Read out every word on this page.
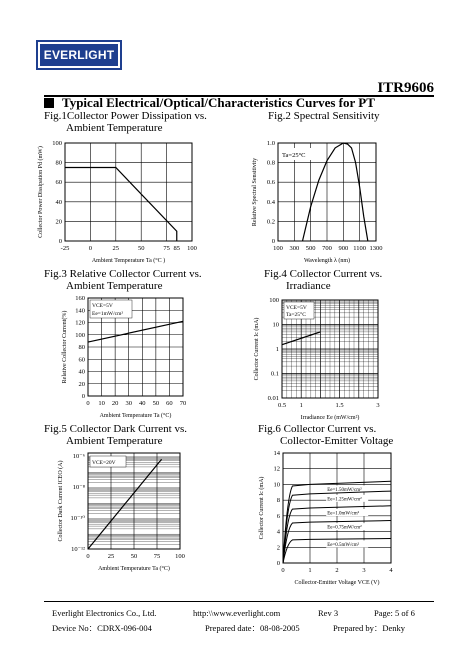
EVERLIGHT
ITR9606
Typical Electrical/Optical/Characteristics Curves for PT
Fig.1Collector Power Dissipation vs.
Ambient Temperature
Fig.2 Spectral Sensitivity
Fig.3 Relative Collector Current vs.
Ambient Temperature
Fig.4 Collector Current vs.
Irradiance
Fig.5 Collector Dark Current vs.
Ambient Temperature
Fig.6 Collector Current vs.
Collector-Emitter Voltage
-25	0	25	50	75 85 100
0
20
40
60
80
100
Ambient Temperature Ta (°C )
Collector Power Dissipation Pd (mW)
100 300 500 700 900 1100 1300
0
0.2
0.4
0.6
0.8
1.0
Wavelength λ (nm)
Relative Spectral Sensitivity
Ta=25°C
0 10 20 30 40 50 60 70
0
20
40
60
80
100
120
140
160
Ambient Temperature Ta (°C)
Relative Collector Current(%)
VCE=5V
Ee=1mW/cm²
0.5 1	1.5	3
0.01
0.1
1
10
100
Irradiance Ee (mW/cm²)
Collector Current Ic (mA)
VCE=5V
Ta=25°C
0	25	50	75 100
10⁻¹²
10⁻¹⁰
10⁻⁸
10⁻⁶
Ambient Temperature Ta (°C)
Collector Dark Current ICEO (A)	VCE=20V
0	1	2	3	4
0
2
4
6
8
10
12
14
Collector-Emitter Voltage VCE (V)
Collector Current Ic (mA)	Ee=1.50mW/cm²
Ee=1.25mW/cm²
Ee=1.0mW/cm²
Ee=0.75mW/cm²
Ee=0.5mW/cm²
Everlight Electronics Co., Ltd.	http:\\www.everlight.com	Rev 3	Page: 5 of 6
Device No：CDRX-096-004	Prepared date：08-08-2005	Prepared by：Denky
